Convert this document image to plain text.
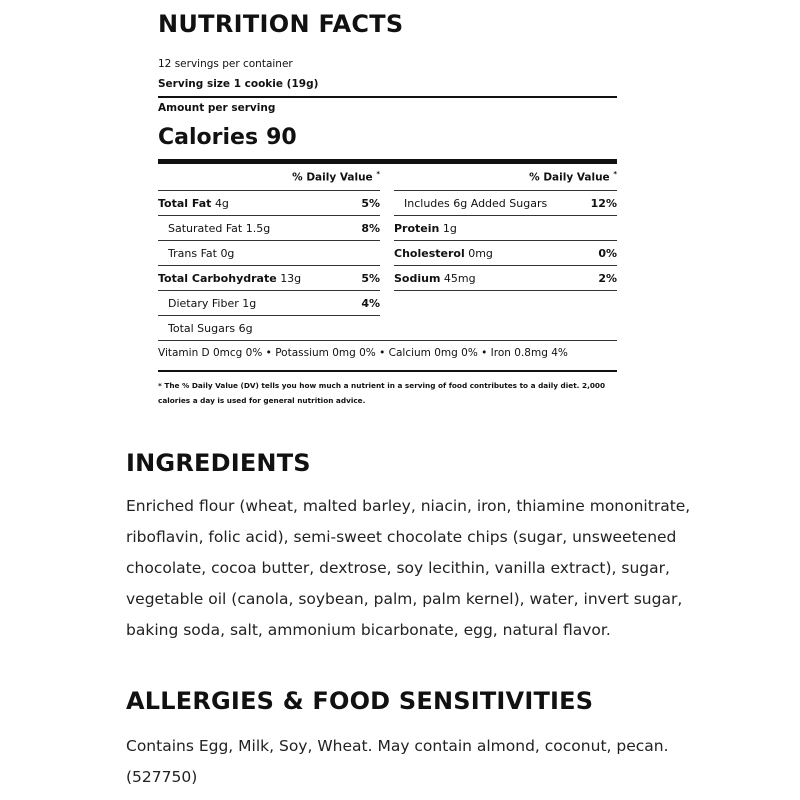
NUTRITION FACTS
12 servings per container
Serving size 1 cookie (19g)
Amount per serving
Calories 90
% Daily Value *
Total Fat 4g	5%
Saturated Fat 1.5g	8%
Trans Fat 0g
Total Carbohydrate 13g	5%
Dietary Fiber 1g	4%
Total Sugars 6g
% Daily Value *
Includes 6g Added Sugars	12%
Protein 1g
Cholesterol 0mg	0%
Sodium 45mg	2%
Vitamin D 0mcg 0% • Potassium 0mg 0% • Calcium 0mg 0% • Iron 0.8mg 4%
* The % Daily Value (DV) tells you how much a nutrient in a serving of food contributes to a daily diet. 2,000 calories a day is used for general nutrition advice.
INGREDIENTS
Enriched flour (wheat, malted barley, niacin, iron, thiamine mononitrate, riboflavin, folic acid), semi-sweet chocolate chips (sugar, unsweetened chocolate, cocoa butter, dextrose, soy lecithin, vanilla extract), sugar, vegetable oil (canola, soybean, palm, palm kernel), water, invert sugar, baking soda, salt, ammonium bicarbonate, egg, natural flavor.
ALLERGIES & FOOD SENSITIVITIES
Contains Egg, Milk, Soy, Wheat. May contain almond, coconut, pecan. (527750)
